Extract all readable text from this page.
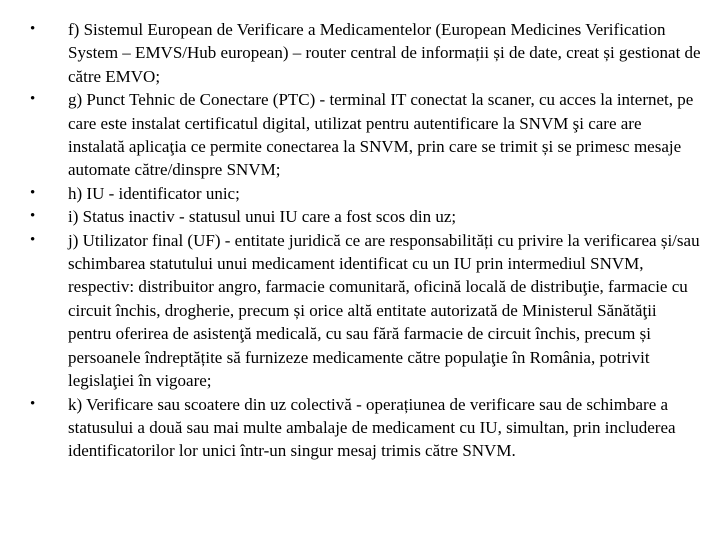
• f) Sistemul European de Verificare a Medicamentelor (European Medicines Verification System – EMVS/Hub european) – router central de informații și de date, creat și gestionat de către EMVO;
• g) Punct Tehnic de Conectare (PTC) - terminal IT conectat la scaner, cu acces la internet, pe care este instalat certificatul digital, utilizat pentru autentificare la SNVM şi care are instalată aplicaţia ce permite conectarea la SNVM, prin care se trimit și se primesc mesaje automate către/dinspre SNVM;
• h) IU - identificator unic;
• i) Status inactiv - statusul unui IU care a fost scos din uz;
• j) Utilizator final (UF) - entitate juridică ce are responsabilități cu privire la verificarea și/sau schimbarea statutului unui medicament identificat cu un IU prin intermediul SNVM, respectiv: distribuitor angro, farmacie comunitară, oficină locală de distribuţie, farmacie cu circuit închis, drogherie, precum și orice altă entitate autorizată de Ministerul Sănătăţii pentru oferirea de asistenţă medicală, cu sau fără farmacie de circuit închis, precum și persoanele îndreptățite să furnizeze medicamente către populaţie în România, potrivit legislaţiei în vigoare;
• k) Verificare sau scoatere din uz colectivă - operațiunea de verificare sau de schimbare a statusului a două sau mai multe ambalaje de medicament cu IU, simultan, prin includerea identificatorilor lor unici într-un singur mesaj trimis către SNVM.
